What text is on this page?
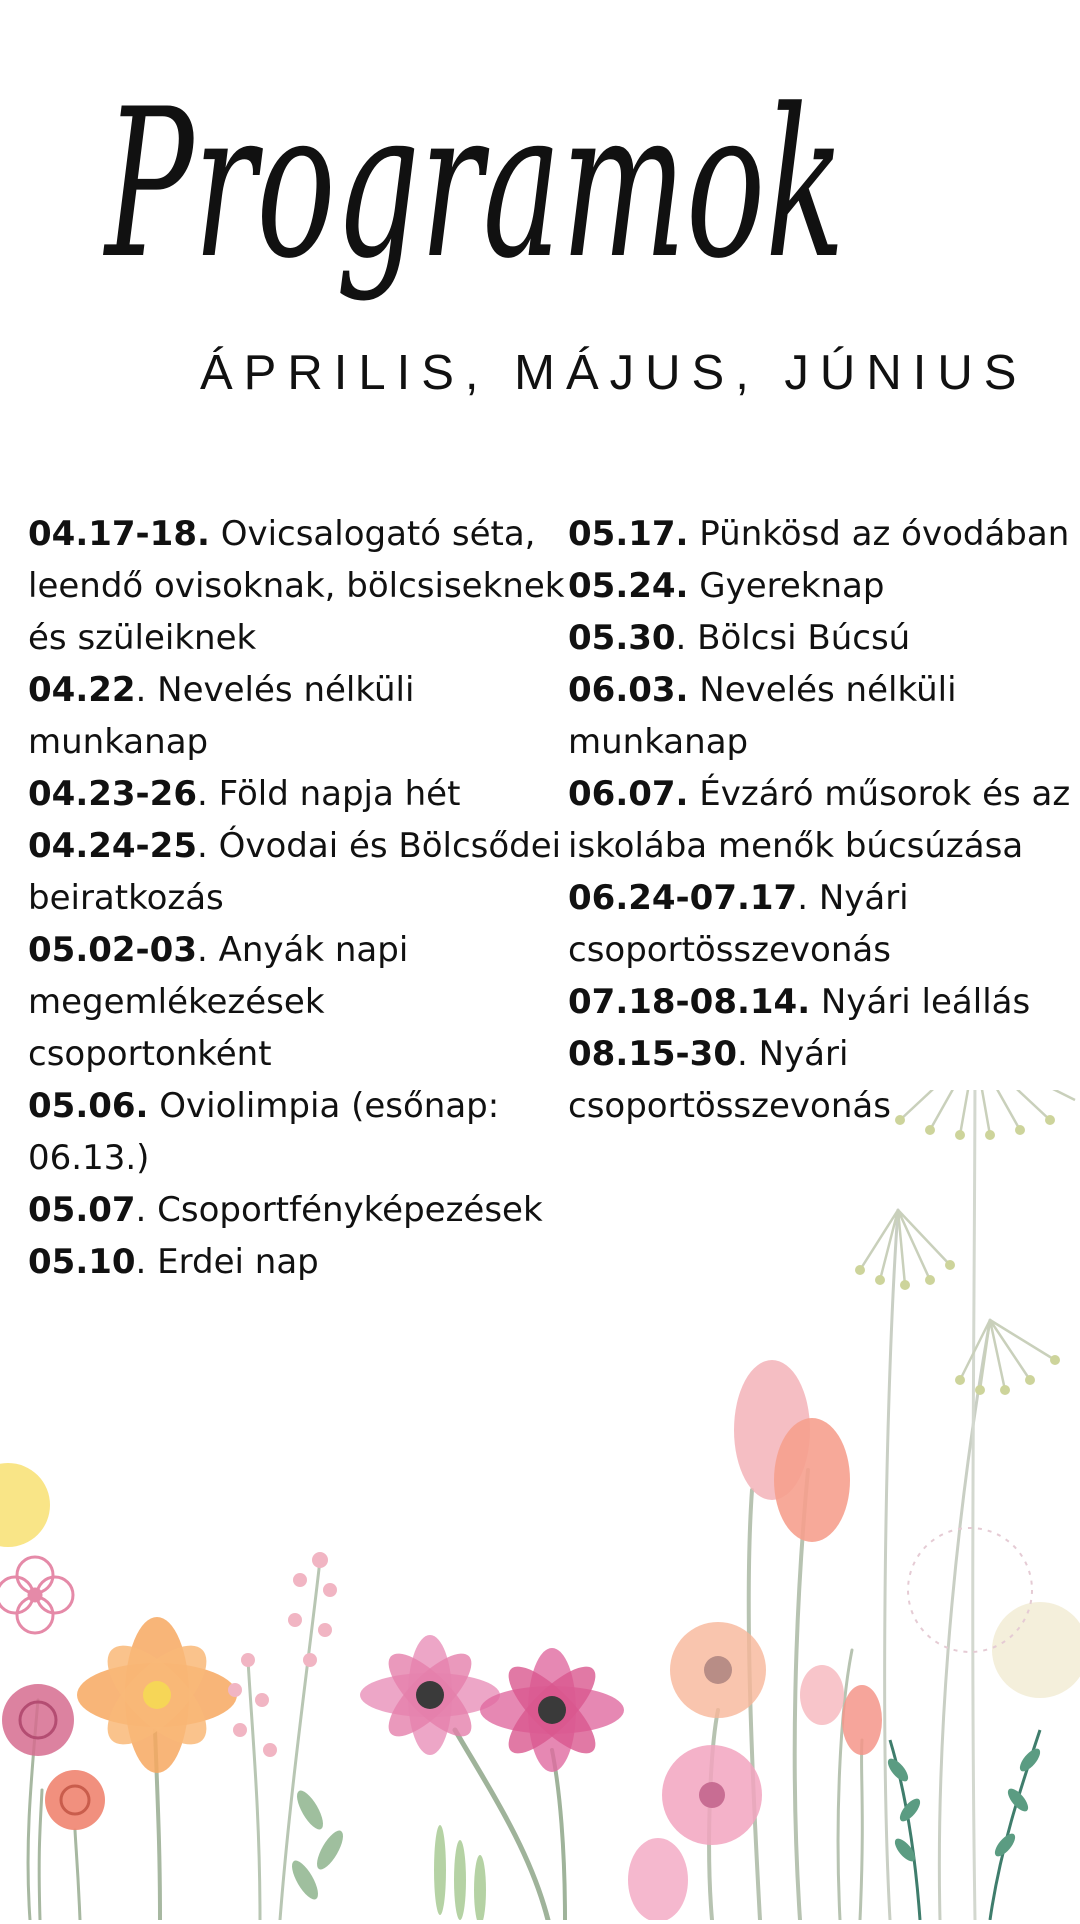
Programok
ÁPRILIS, MÁJUS, JÚNIUS

04.17-18. Ovicsalogató séta, leendő ovisoknak, bölcsiseknek és szüleiknek

04.22. Nevelés nélküli munkanap

04.23-26. Föld napja hét

04.24-25. Óvodai és Bölcsődei beiratkozás

05.02-03. Anyák napi megemlékezések csoportonként

05.06. Oviolimpia (esőnap: 06.13.)

05.07. Csoportfényképezések

05.10. Erdei nap

05.17. Pünkösd az óvodában

05.24. Gyereknap

05.30. Bölcsi Búcsú

06.03. Nevelés nélküli munkanap

06.07. Évzáró műsorok és az iskolába menők búcsúzása

06.24-07.17. Nyári csoportösszevonás

07.18-08.14. Nyári leállás

08.15-30. Nyári csoportösszevonás
